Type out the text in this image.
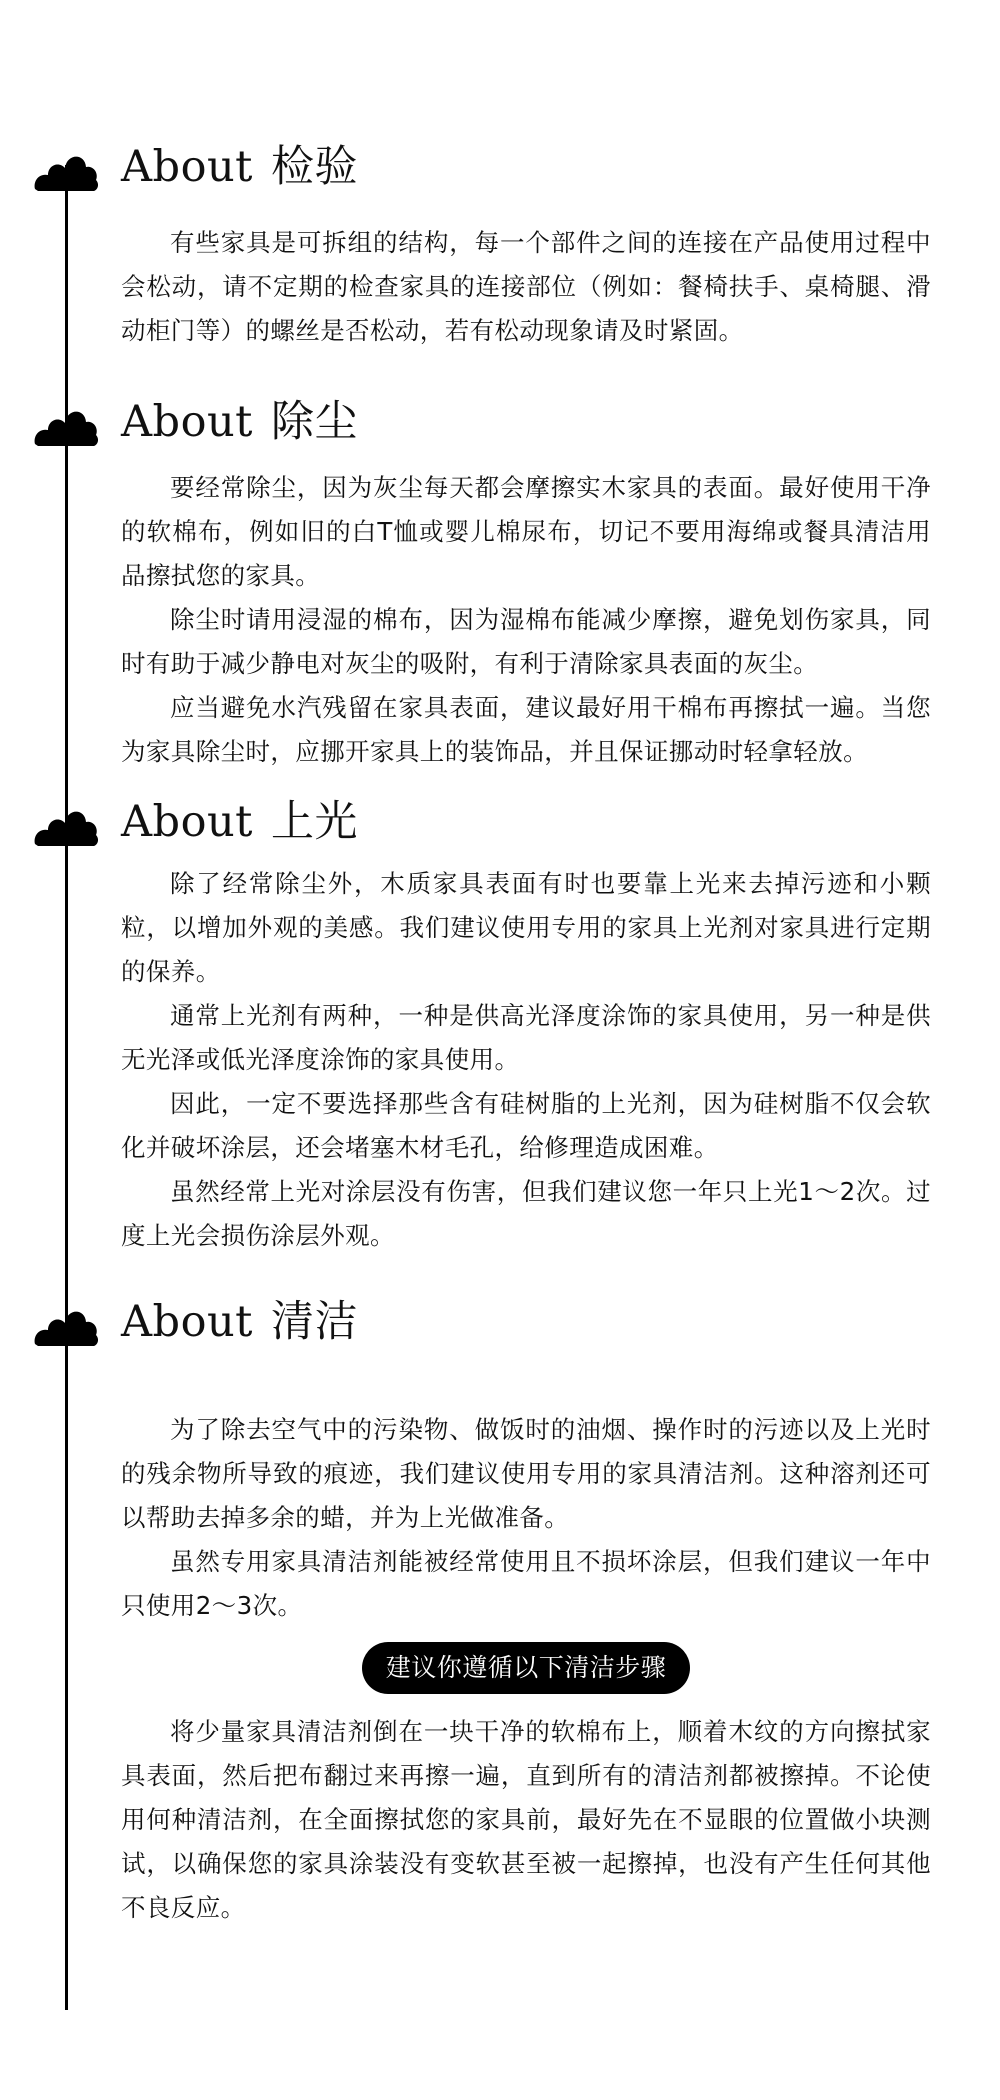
About 检验

有些家具是可拆组的结构，每一个部件之间的连接在产品使用过程中会松动，请不定期的检查家具的连接部位（例如：餐椅扶手、桌椅腿、滑动柜门等）的螺丝是否松动，若有松动现象请及时紧固。

About 除尘

要经常除尘，因为灰尘每天都会摩擦实木家具的表面。最好使用干净的软棉布，例如旧的白T恤或婴儿棉尿布，切记不要用海绵或餐具清洁用品擦拭您的家具。

除尘时请用浸湿的棉布，因为湿棉布能减少摩擦，避免划伤家具，同时有助于减少静电对灰尘的吸附，有利于清除家具表面的灰尘。

应当避免水汽残留在家具表面，建议最好用干棉布再擦拭一遍。当您为家具除尘时，应挪开家具上的装饰品，并且保证挪动时轻拿轻放。

About 上光

除了经常除尘外，木质家具表面有时也要靠上光来去掉污迹和小颗粒，以增加外观的美感。我们建议使用专用的家具上光剂对家具进行定期的保养。

通常上光剂有两种，一种是供高光泽度涂饰的家具使用，另一种是供无光泽或低光泽度涂饰的家具使用。

因此，一定不要选择那些含有硅树脂的上光剂，因为硅树脂不仅会软化并破坏涂层，还会堵塞木材毛孔，给修理造成困难。

虽然经常上光对涂层没有伤害，但我们建议您一年只上光1～2次。过度上光会损伤涂层外观。

About 清洁

为了除去空气中的污染物、做饭时的油烟、操作时的污迹以及上光时的残余物所导致的痕迹，我们建议使用专用的家具清洁剂。这种溶剂还可以帮助去掉多余的蜡，并为上光做准备。

虽然专用家具清洁剂能被经常使用且不损坏涂层，但我们建议一年中只使用2～3次。

建议你遵循以下清洁步骤

将少量家具清洁剂倒在一块干净的软棉布上，顺着木纹的方向擦拭家具表面，然后把布翻过来再擦一遍，直到所有的清洁剂都被擦掉。不论使用何种清洁剂，在全面擦拭您的家具前，最好先在不显眼的位置做小块测试，以确保您的家具涂装没有变软甚至被一起擦掉，也没有产生任何其他不良反应。
